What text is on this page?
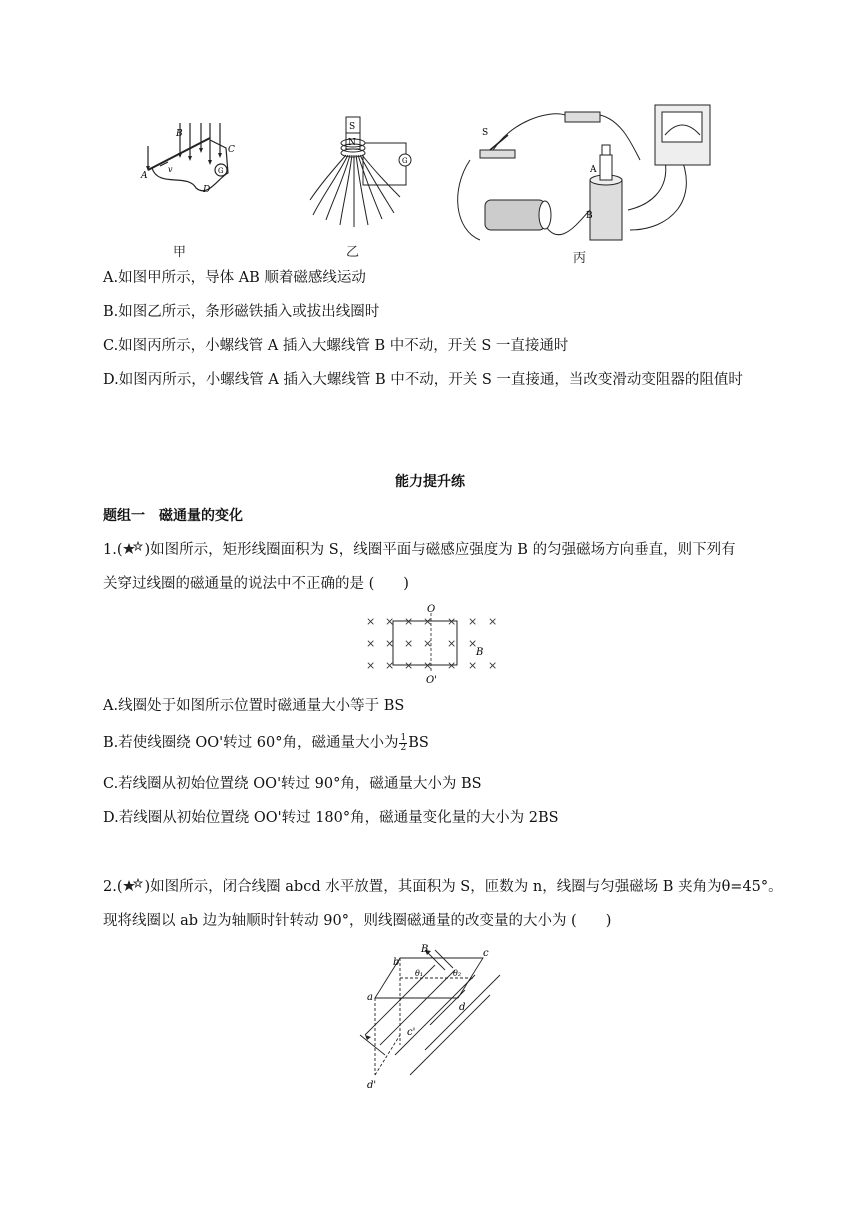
A
B
C
D
v	G
甲
S
N
G
乙
S
A
B
丙
A.如图甲所示，导体 AB 顺着磁感线运动
B.如图乙所示，条形磁铁插入或拔出线圈时
C.如图丙所示，小螺线管 A 插入大螺线管 B 中不动，开关 S 一直接通时
D.如图丙所示，小螺线管 A 插入大螺线管 B 中不动，开关 S 一直接通，当改变滑动变阻器的阻值时
能力提升练
题组一　磁通量的变化
1.( )如图所示，矩形线圈面积为 S，线圈平面与磁感应强度为 B 的匀强磁场方向垂直，则下列有
关穿过线圈的磁通量的说法中不正确的是 (　　)
× × × × × × ×
× × × × × ×
× × × × × × ×
O
O'
B
A.线圈处于如图所示位置时磁通量大小等于 BS
B.若使线圈绕 OO'转过 60°角，磁通量大小为 $\frac{1}{2}$ BS
C.若线圈从初始位置绕 OO'转过 90°角，磁通量大小为 BS
D.若线圈从初始位置绕 OO'转过 180°角，磁通量变化量的大小为 2BS
2.( )如图所示，闭合线圈 abcd 水平放置，其面积为 S，匝数为 n，线圈与匀强磁场 B 夹角为θ=45°。
现将线圈以 ab 边为轴顺时针转动 90°，则线圈磁通量的改变量的大小为 (　　)
B
b
c
a
d
c'
d'
θ₁	θ₂
